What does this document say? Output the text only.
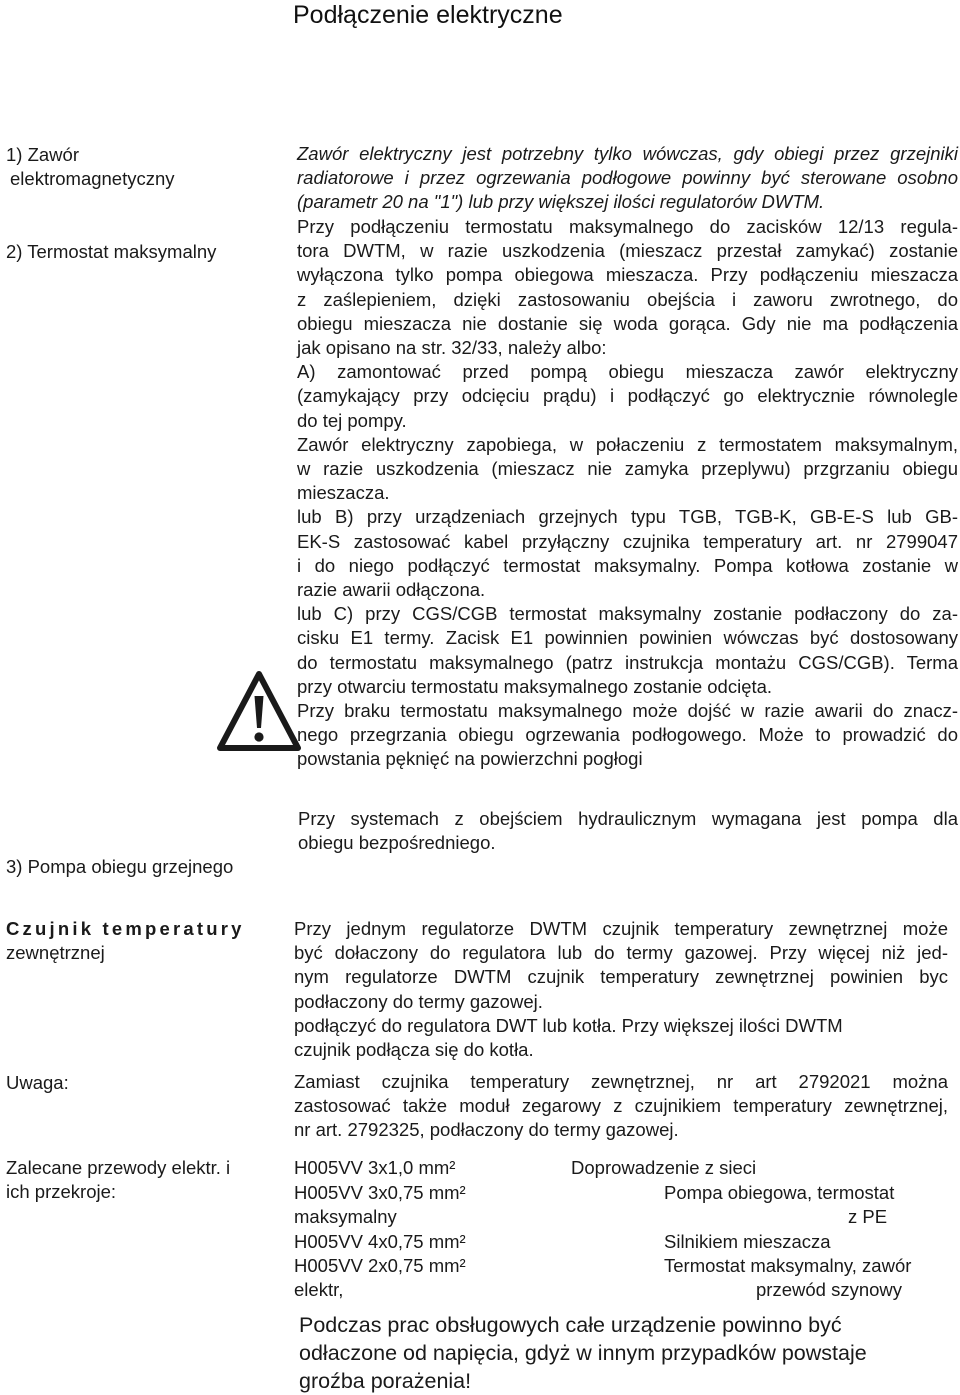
Podłączenie elektryczne
1) Zawór
elektromagnetyczny
Zawór elektryczny jest potrzebny tylko wówczas, gdy obiegi przez grzejniki
radiatorowe i przez ogrzewania podłogowe powinny być sterowane osobno
(parametr 20 na "1") lub przy większej ilości regulatorów DWTM.
2) Termostat maksymalny
Przy podłączeniu termostatu maksymalnego do zacisków 12/13 regula-
tora DWTM, w razie uszkodzenia (mieszacz przestał zamykać) zostanie
wyłączona tylko pompa obiegowa mieszacza. Przy podłączeniu mieszacza
z zaślepieniem, dzięki zastosowaniu obejścia i zaworu zwrotnego, do
obiegu mieszacza nie dostanie się woda gorąca. Gdy nie ma podłączenia
jak opisano na str. 32/33, należy albo:
A) zamontować przed pompą obiegu mieszacza zawór elektryczny
(zamykający przy odcięciu prądu) i podłączyć go elektrycznie równolegle
do tej pompy.
Zawór elektryczny zapobiega, w połaczeniu z termostatem maksymalnym,
w razie uszkodzenia (mieszacz nie zamyka przeplywu) przgrzaniu obiegu
mieszacza.
lub B) przy urządzeniach grzejnych typu TGB, TGB-K, GB-E-S lub GB-
EK-S zastosować kabel przyłączny czujnika temperatury art. nr 2799047
i do niego podłączyć termostat maksymalny. Pompa kotłowa zostanie w
razie awarii odłączona.
lub C) przy CGS/CGB termostat maksymalny zostanie podłaczony do za-
cisku E1 termy. Zacisk E1 powinnien powinien wówczas być dostosowany
do termostatu maksymalnego (patrz instrukcja montażu CGS/CGB). Terma
przy otwarciu termostatu maksymalnego zostanie odcięta.
Przy braku termostatu maksymalnego może dojść w razie awarii do znacz-
nego przegrzania obiegu ogrzewania podłogowego. Może to prowadzić do
powstania pęknięć na powierzchni pogłogi
Przy systemach z obejściem hydraulicznym wymagana jest pompa dla
obiegu bezpośredniego.
3) Pompa obiegu grzejnego
Czujnik temperatury
zewnętrznej
Przy jednym regulatorze DWTM czujnik temperatury zewnętrznej może
być dołaczony do regulatora lub do termy gazowej. Przy więcej niż jed-
nym regulatorze DWTM czujnik temperatury zewnętrznej powinien byc
podłaczony do termy gazowej.
podłączyć do regulatora DWT lub kotła. Przy większej ilości DWTM
czujnik podłącza się do kotła.
Uwaga:	Zamiast czujnika temperatury zewnętrznej, nr art 2792021 można
zastosować także moduł zegarowy z czujnikiem temperatury zewnętrznej,
nr art. 2792325, podłaczony do termy gazowej.
Zalecane przewody elektr. i
ich przekroje:
H005VV 3x1,0 mm²	Doprowadzenie z sieci
H005VV 3x0,75 mm²	Pompa obiegowa, termostat
maksymalny	z PE
H005VV 4x0,75 mm²	Silnikiem mieszacza
H005VV 2x0,75 mm²	Termostat maksymalny, zawór
elektr,	przewód szynowy
Podczas prac obsługowych całe urządzenie powinno być
odłaczone od napięcia, gdyż w innym przypadków powstaje
groźba porażenia!
